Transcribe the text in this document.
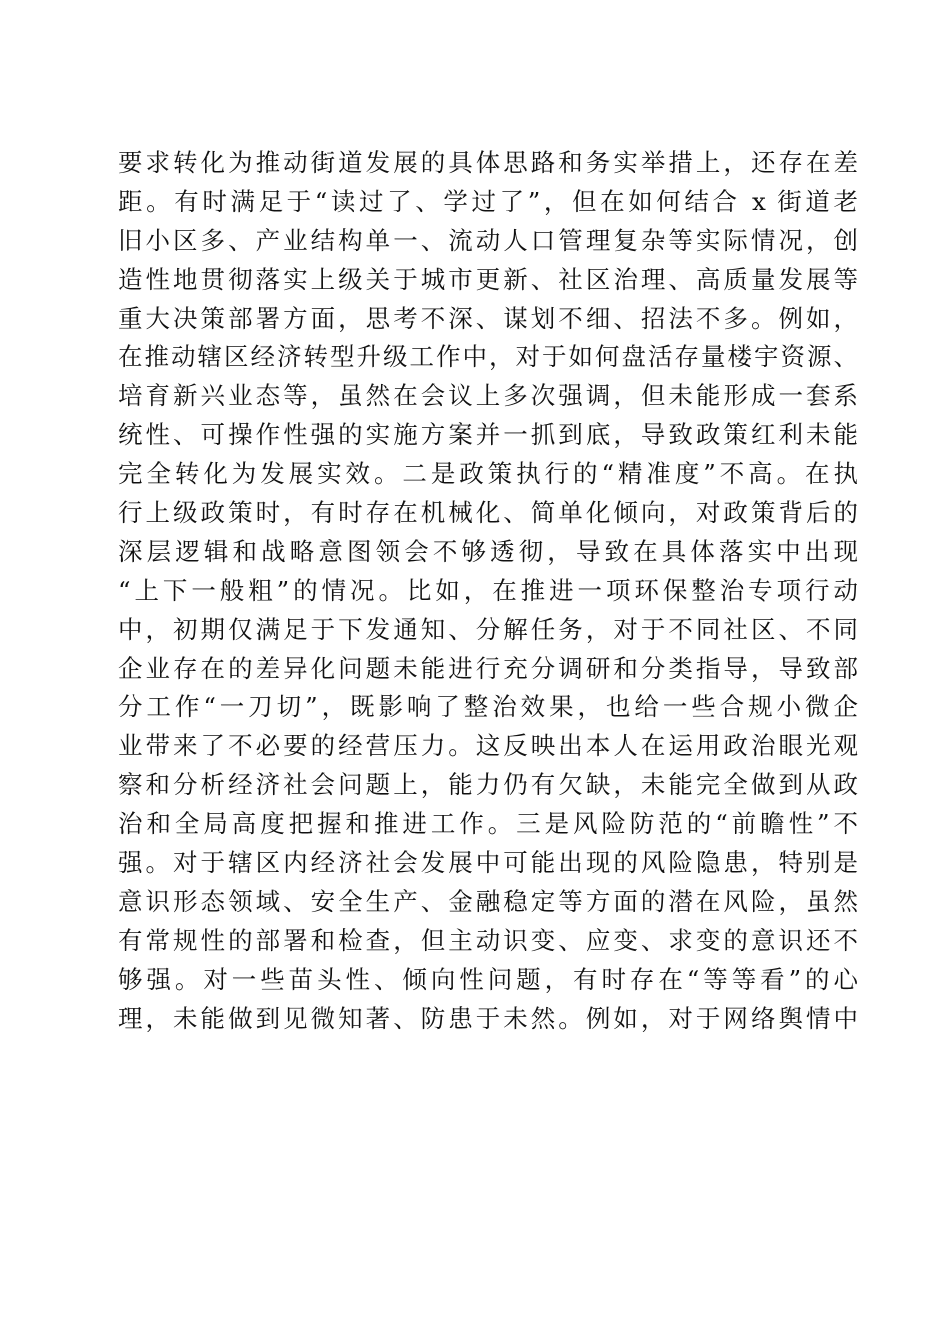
要求转化为推动街道发展的具体思路和务实举措上，还存在差
距。有时满足于“读过了、学过了”，但在如何结合 x 街道老
旧小区多、产业结构单一、流动人口管理复杂等实际情况，创
造性地贯彻落实上级关于城市更新、社区治理、高质量发展等
重大决策部署方面，思考不深、谋划不细、招法不多。例如，
在推动辖区经济转型升级工作中，对于如何盘活存量楼宇资源、
培育新兴业态等，虽然在会议上多次强调，但未能形成一套系
统性、可操作性强的实施方案并一抓到底，导致政策红利未能
完全转化为发展实效。二是政策执行的“精准度”不高。在执
行上级政策时，有时存在机械化、简单化倾向，对政策背后的
深层逻辑和战略意图领会不够透彻，导致在具体落实中出现
“上下一般粗”的情况。比如，在推进一项环保整治专项行动
中，初期仅满足于下发通知、分解任务，对于不同社区、不同
企业存在的差异化问题未能进行充分调研和分类指导，导致部
分工作“一刀切”，既影响了整治效果，也给一些合规小微企
业带来了不必要的经营压力。这反映出本人在运用政治眼光观
察和分析经济社会问题上，能力仍有欠缺，未能完全做到从政
治和全局高度把握和推进工作。三是风险防范的“前瞻性”不
强。对于辖区内经济社会发展中可能出现的风险隐患，特别是
意识形态领域、安全生产、金融稳定等方面的潜在风险，虽然
有常规性的部署和检查，但主动识变、应变、求变的意识还不
够强。对一些苗头性、倾向性问题，有时存在“等等看”的心
理，未能做到见微知著、防患于未然。例如，对于网络舆情中
